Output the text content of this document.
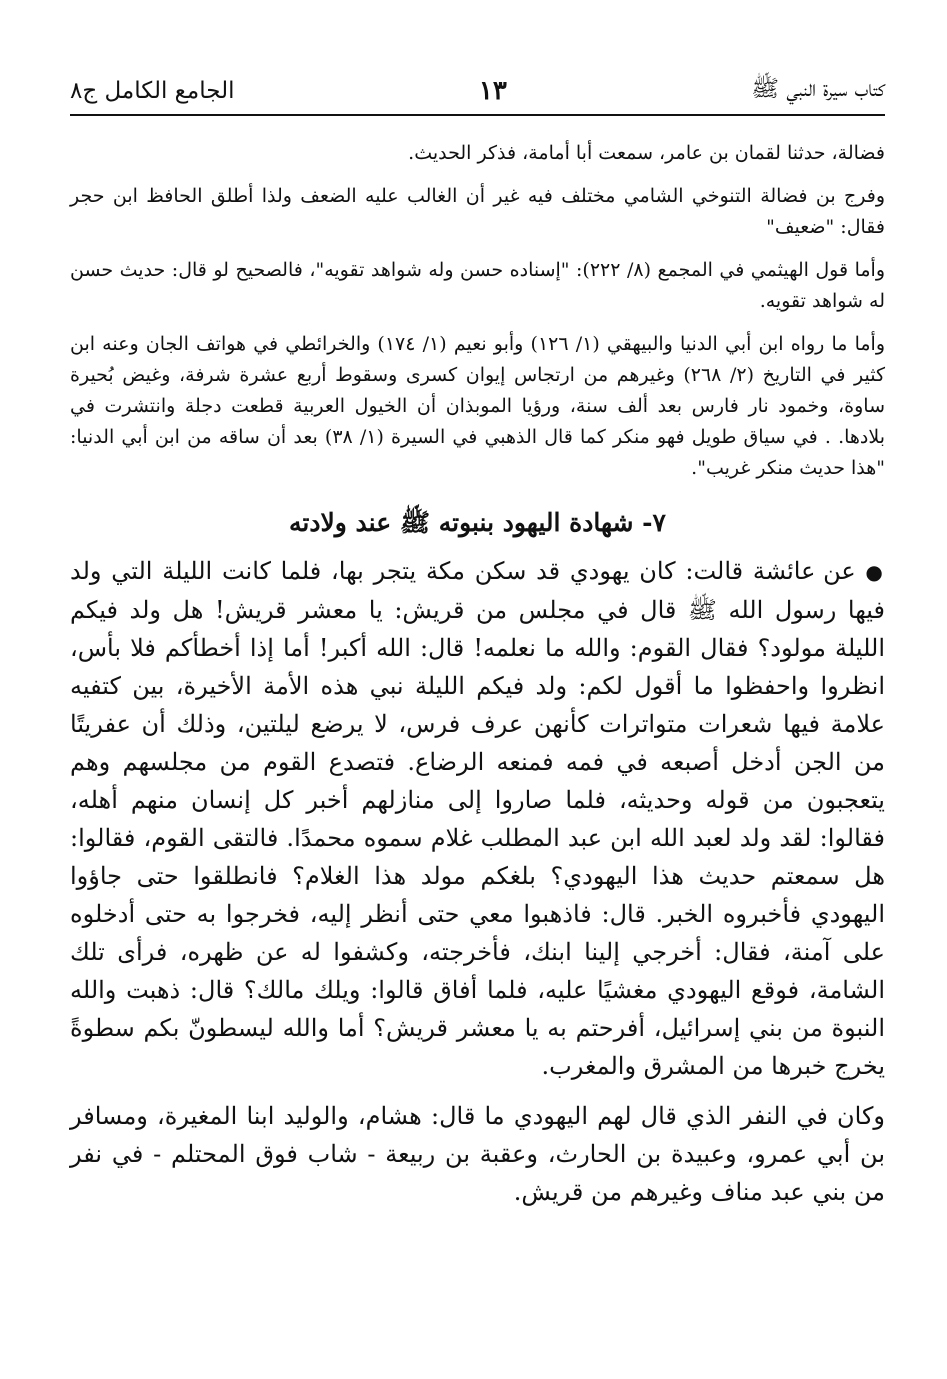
كتاب سيرة النبي ﷺ
١٣
الجامع الكامل ج٨

فضالة، حدثنا لقمان بن عامر، سمعت أبا أمامة، فذكر الحديث.

وفرج بن فضالة التنوخي الشامي مختلف فيه غير أن الغالب عليه الضعف ولذا أطلق الحافظ ابن حجر فقال: "ضعيف"

وأما قول الهيثمي في المجمع (٨/ ٢٢٢): "إسناده حسن وله شواهد تقويه"، فالصحيح لو قال: حديث حسن له شواهد تقويه.

وأما ما رواه ابن أبي الدنيا والبيهقي (١/ ١٢٦) وأبو نعيم (١/ ١٧٤) والخرائطي في هواتف الجان وعنه ابن كثير في التاريخ (٢/ ٢٦٨) وغيرهم من ارتجاس إيوان كسرى وسقوط أربع عشرة شرفة، وغيض بُحيرة ساوة، وخمود نار فارس بعد ألف سنة، ورؤيا الموبذان أن الخيول العربية قطعت دجلة وانتشرت في بلادها. . في سياق طويل فهو منكر كما قال الذهبي في السيرة (١/ ٣٨) بعد أن ساقه من ابن أبي الدنيا: "هذا حديث منكر غريب".

٧- شهادة اليهود بنبوته ﷺ عند ولادته

● عن عائشة قالت: كان يهودي قد سكن مكة يتجر بها، فلما كانت الليلة التي ولد فيها رسول الله ﷺ قال في مجلس من قريش: يا معشر قريش! هل ولد فيكم الليلة مولود؟ فقال القوم: والله ما نعلمه! قال: الله أكبر! أما إذا أخطأكم فلا بأس، انظروا واحفظوا ما أقول لكم: ولد فيكم الليلة نبي هذه الأمة الأخيرة، بين كتفيه علامة فيها شعرات متواترات كأنهن عرف فرس، لا يرضع ليلتين، وذلك أن عفريتًا من الجن أدخل أصبعه في فمه فمنعه الرضاع. فتصدع القوم من مجلسهم وهم يتعجبون من قوله وحديثه، فلما صاروا إلى منازلهم أخبر كل إنسان منهم أهله، فقالوا: لقد ولد لعبد الله ابن عبد المطلب غلام سموه محمدًا. فالتقى القوم، فقالوا: هل سمعتم حديث هذا اليهودي؟ بلغكم مولد هذا الغلام؟ فانطلقوا حتى جاؤوا اليهودي فأخبروه الخبر. قال: فاذهبوا معي حتى أنظر إليه، فخرجوا به حتى أدخلوه على آمنة، فقال: أخرجي إلينا ابنك، فأخرجته، وكشفوا له عن ظهره، فرأى تلك الشامة، فوقع اليهودي مغشيًا عليه، فلما أفاق قالوا: ويلك مالك؟ قال: ذهبت والله النبوة من بني إسرائيل، أفرحتم به يا معشر قريش؟ أما والله ليسطونّ بكم سطوةً يخرج خبرها من المشرق والمغرب.

وكان في النفر الذي قال لهم اليهودي ما قال: هشام، والوليد ابنا المغيرة، ومسافر بن أبي عمرو، وعبيدة بن الحارث، وعقبة بن ربيعة - شاب فوق المحتلم - في نفر من بني عبد مناف وغيرهم من قريش.
